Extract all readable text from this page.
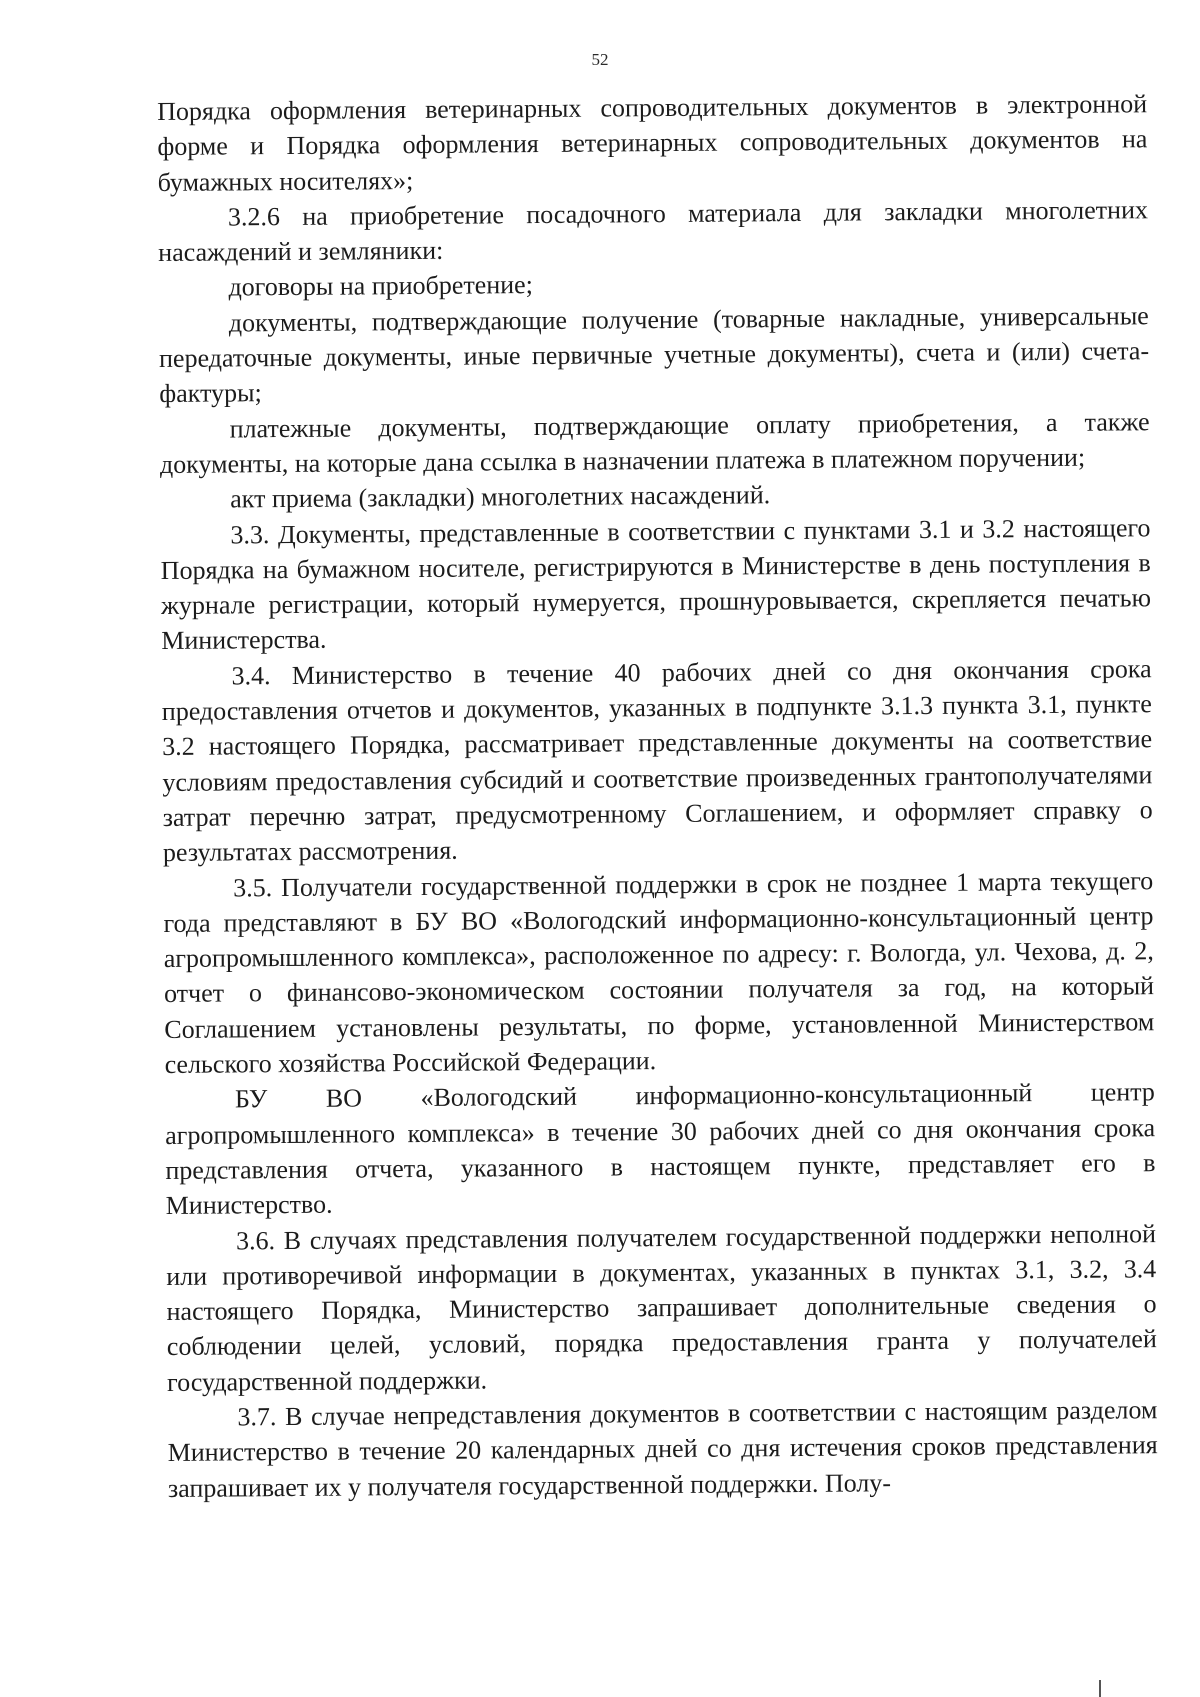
52

Порядка оформления ветеринарных сопроводительных документов в электронной форме и Порядка оформления ветеринарных сопроводительных документов на бумажных носителях»;

3.2.6 на приобретение посадочного материала для закладки многолетних насаждений и земляники:

договоры на приобретение;

документы, подтверждающие получение (товарные накладные, универсальные передаточные документы, иные первичные учетные документы), счета и (или) счета-фактуры;

платежные документы, подтверждающие оплату приобретения, а также документы, на которые дана ссылка в назначении платежа в платежном поручении;

акт приема (закладки) многолетних насаждений.

3.3. Документы, представленные в соответствии с пунктами 3.1 и 3.2 настоящего Порядка на бумажном носителе, регистрируются в Министерстве в день поступления в журнале регистрации, который нумеруется, прошнуровывается, скрепляется печатью Министерства.

3.4. Министерство в течение 40 рабочих дней со дня окончания срока предоставления отчетов и документов, указанных в подпункте 3.1.3 пункта 3.1, пункте 3.2 настоящего Порядка, рассматривает представленные документы на соответствие условиям предоставления субсидий и соответствие произведенных грантополучателями затрат перечню затрат, предусмотренному Соглашением, и оформляет справку о результатах рассмотрения.

3.5. Получатели государственной поддержки в срок не позднее 1 марта текущего года представляют в БУ ВО «Вологодский информационно-консультационный центр агропромышленного комплекса», расположенное по адресу: г. Вологда, ул. Чехова, д. 2, отчет о финансово-экономическом состоянии получателя за год, на который Соглашением установлены результаты, по форме, установленной Министерством сельского хозяйства Российской Федерации.

БУ ВО «Вологодский информационно-консультационный центр агропромышленного комплекса» в течение 30 рабочих дней со дня окончания срока представления отчета, указанного в настоящем пункте, представляет его в Министерство.

3.6. В случаях представления получателем государственной поддержки неполной или противоречивой информации в документах, указанных в пунктах 3.1, 3.2, 3.4 настоящего Порядка, Министерство запрашивает дополнительные сведения о соблюдении целей, условий, порядка предоставления гранта у получателей государственной поддержки.

3.7. В случае непредставления документов в соответствии с настоящим разделом Министерство в течение 20 календарных дней со дня истечения сроков представления запрашивает их у получателя государственной поддержки. Полу-
